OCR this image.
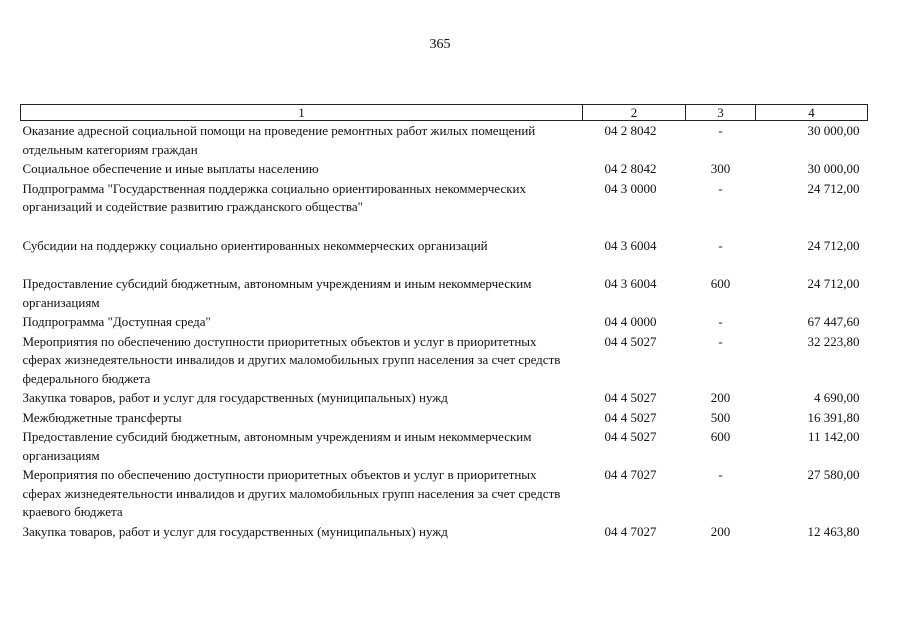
365
1	2	3	4
Оказание адресной социальной помощи на проведение ремонтных работ жилых помещений отдельным категориям граждан	04 2 8042	-	30 000,00
Социальное обеспечение и иные выплаты населению	04 2 8042	300	30 000,00
Подпрограмма "Государственная поддержка социально ориентированных некоммерческих организаций и содействие развитию гражданского общества"	04 3 0000	-	24 712,00
Субсидии на поддержку социально ориентированных некоммерческих организаций	04 3 6004	-	24 712,00
Предоставление субсидий бюджетным, автономным учреждениям и иным некоммерческим организациям	04 3 6004	600	24 712,00
Подпрограмма "Доступная среда"	04 4 0000	-	67 447,60
Мероприятия по обеспечению доступности приоритетных объектов и услуг в приоритетных сферах жизнедеятельности инвалидов и других маломобильных групп населения за счет средств федерального бюджета	04 4 5027	-	32 223,80
Закупка товаров, работ и услуг для государственных (муниципальных) нужд	04 4 5027	200	4 690,00
Межбюджетные трансферты	04 4 5027	500	16 391,80
Предоставление субсидий бюджетным, автономным учреждениям и иным некоммерческим организациям	04 4 5027	600	11 142,00
Мероприятия по обеспечению доступности приоритетных объектов и услуг в приоритетных сферах жизнедеятельности инвалидов и других маломобильных групп населения за счет средств краевого бюджета	04 4 7027	-	27 580,00
Закупка товаров, работ и услуг для государственных (муниципальных) нужд	04 4 7027	200	12 463,80
